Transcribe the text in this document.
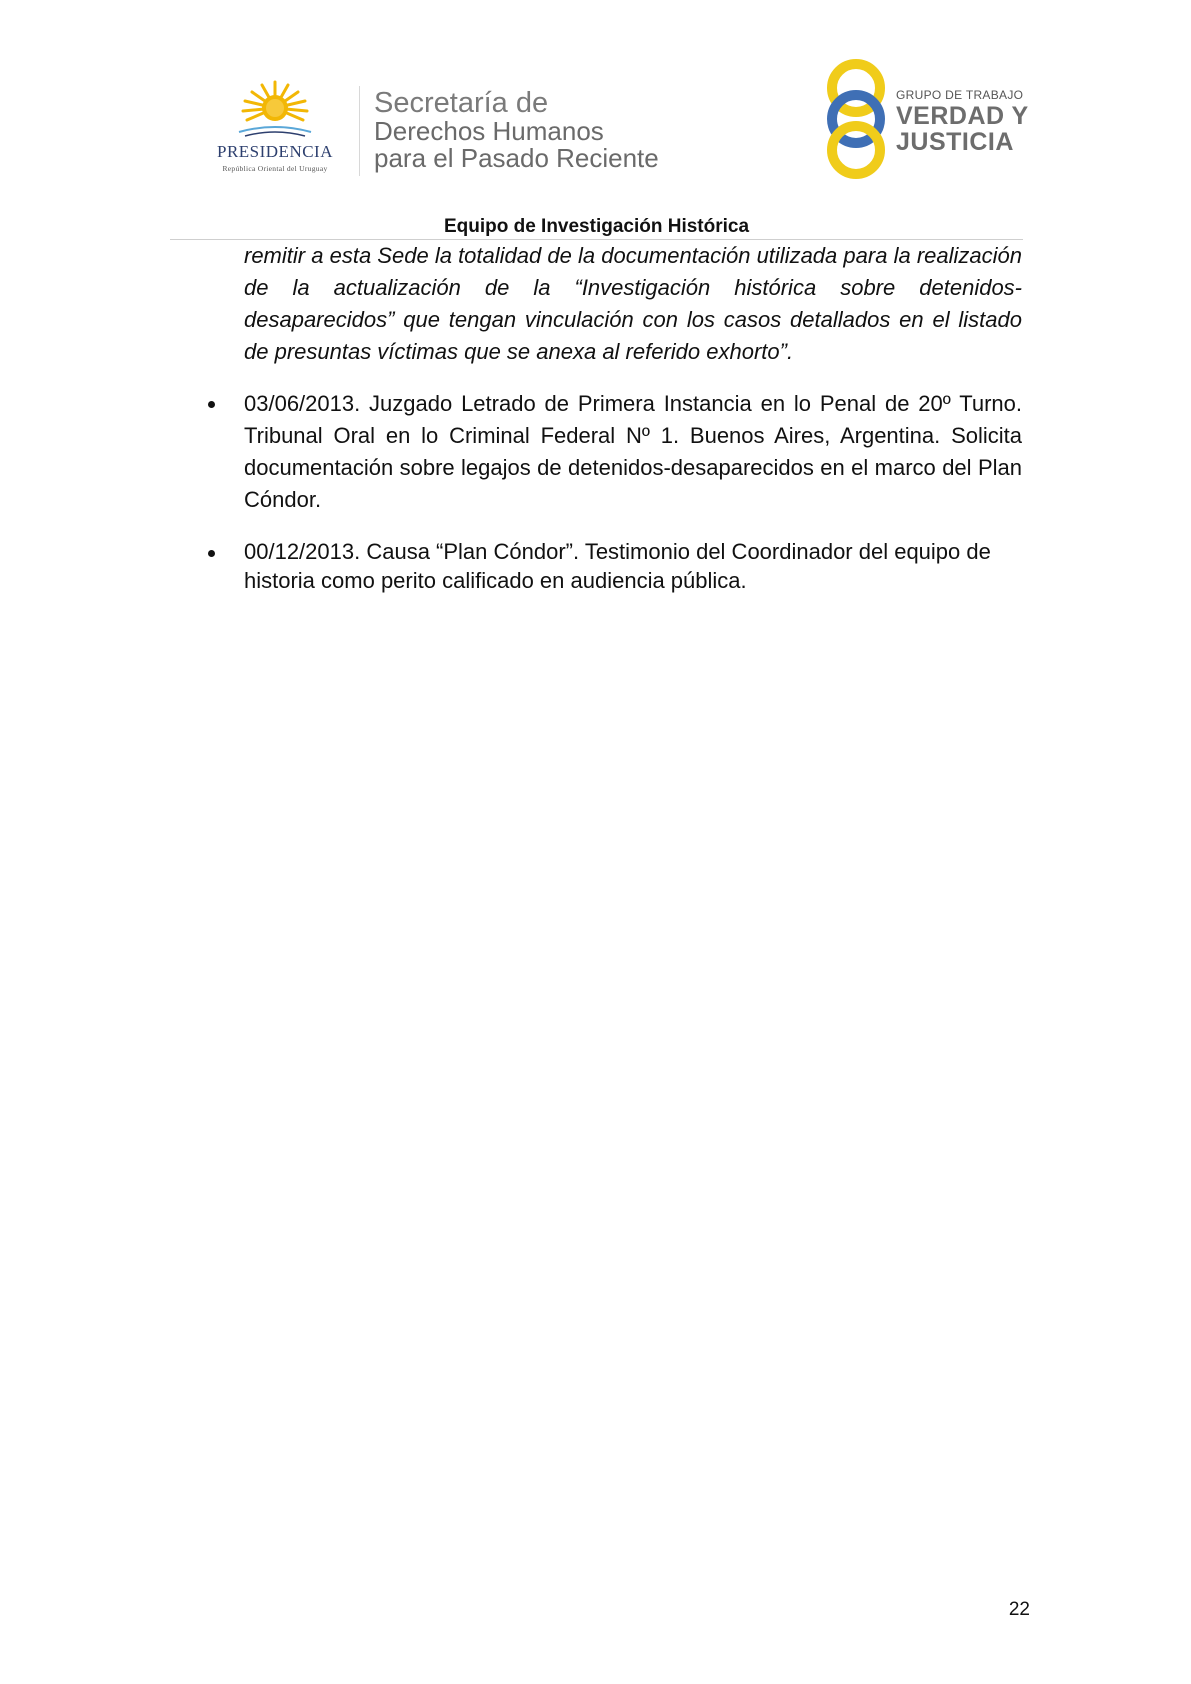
PRESIDENCIA
República Oriental del Uruguay
Secretaría de
Derechos Humanos
para el Pasado Reciente
GRUPO DE TRABAJO
VERDAD Y
JUSTICIA
Equipo de Investigación Histórica

remitir a esta Sede la totalidad de la documentación utilizada para la realización de la actualización de la “Investigación histórica sobre detenidos- desaparecidos” que tengan vinculación con los casos detallados en el listado de presuntas víctimas que se anexa al referido exhorto”.

03/06/2013. Juzgado Letrado de Primera Instancia en lo Penal de 20º Turno. Tribunal Oral en lo Criminal Federal Nº 1. Buenos Aires, Argentina. Solicita documentación sobre legajos de detenidos-desaparecidos en el marco del Plan Cóndor.
00/12/2013. Causa “Plan Cóndor”. Testimonio del Coordinador del equipo de historia como perito calificado en audiencia pública.
22
